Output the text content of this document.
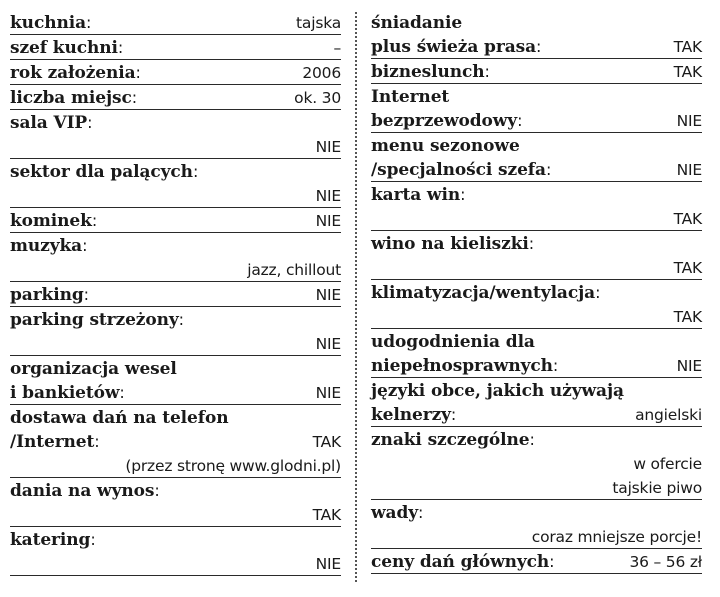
kuchnia:	tajska
szef kuchni:	–
rok założenia:	2006
liczba miejsc:	ok. 30
sala VIP:
NIE
sektor dla palących:
NIE
kominek:	NIE
muzyka:
jazz, chillout
parking:	NIE
parking strzeżony:
NIE
organizacja wesel
i bankietów:	NIE
dostawa dań na telefon
/Internet:	TAK
(przez stronę www.glodni.pl)
dania na wynos:
TAK
katering:
NIE
śniadanie
plus świeża prasa:	TAK
bizneslunch:	TAK
Internet
bezprzewodowy:	NIE
menu sezonowe
/specjalności szefa:	NIE
karta win:
TAK
wino na kieliszki:
TAK
klimatyzacja/wentylacja:
TAK
udogodnienia dla
niepełnosprawnych:	NIE
języki obce, jakich używają
kelnerzy:	angielski
znaki szczególne:
w ofercie
tajskie piwo
wady:
coraz mniejsze porcje!
ceny dań głównych:	36 – 56 zł
